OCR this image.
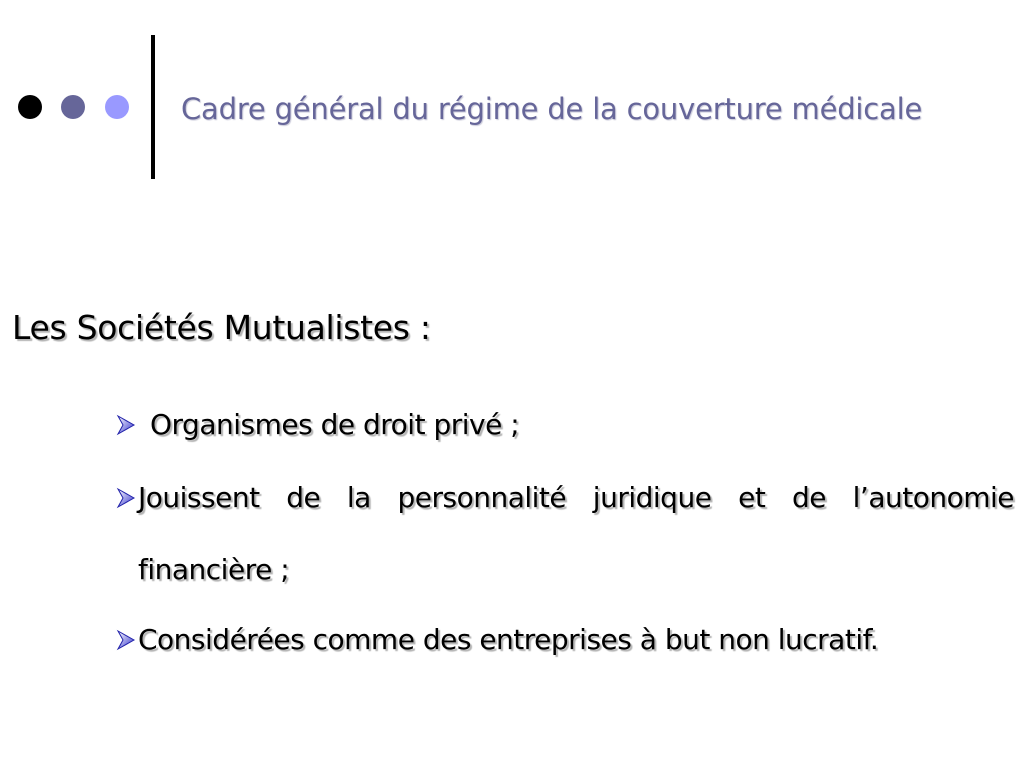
Cadre général du régime de la couverture médicale
Les Sociétés Mutualistes :
Organismes de droit privé ;
Jouissent de la personnalité juridique et de l’autonomie financière ;
Considérées comme des entreprises à but non lucratif.
